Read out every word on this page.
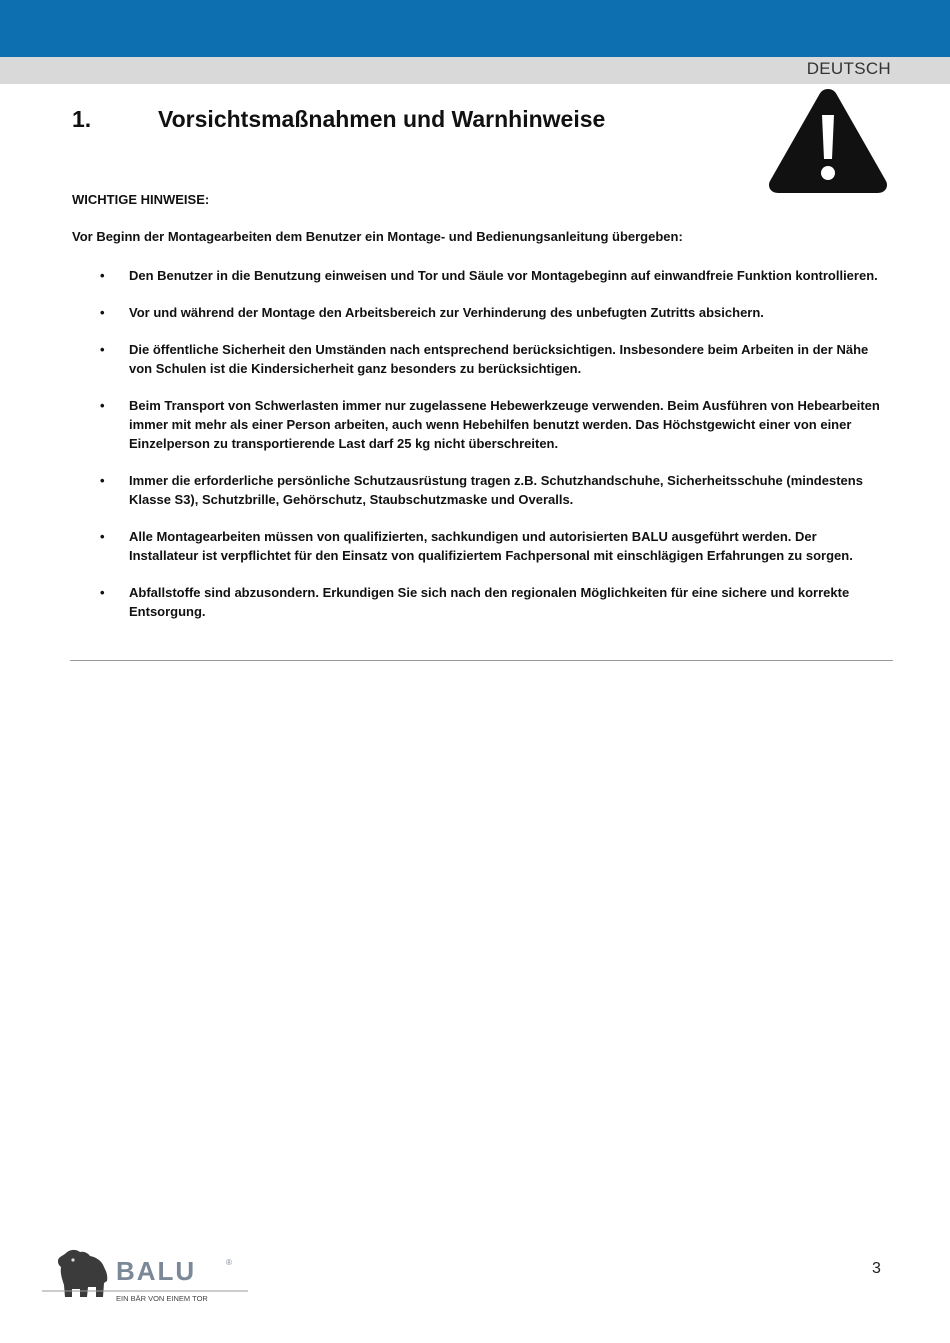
DEUTSCH
1.	Vorsichtsmaßnahmen und Warnhinweise
WICHTIGE HINWEISE:
Vor Beginn der Montagearbeiten dem Benutzer ein Montage- und Bedienungsanleitung übergeben:
• Den Benutzer in die Benutzung einweisen und Tor und Säule vor Montagebeginn auf einwandfreie Funktion kontrollieren.
• Vor und während der Montage den Arbeitsbereich zur Verhinderung des unbefugten Zutritts absichern.
• Die öffentliche Sicherheit den Umständen nach entsprechend berücksichtigen. Insbesondere beim Arbeiten in der Nähe von Schulen ist die Kindersicherheit ganz besonders zu berücksichtigen.
• Beim Transport von Schwerlasten immer nur zugelassene Hebewerkzeuge verwenden. Beim Ausführen von Hebearbeiten immer mit mehr als einer Person arbeiten, auch wenn Hebehilfen benutzt werden. Das Höchstgewicht einer von einer Einzelperson zu transportierende Last darf 25 kg nicht überschreiten.
• Immer die erforderliche persönliche Schutzausrüstung tragen z.B. Schutzhandschuhe, Sicherheitsschuhe (mindestens Klasse S3), Schutzbrille, Gehörschutz, Staubschutzmaske und Overalls.
• Alle Montagearbeiten müssen von qualifizierten, sachkundigen und autorisierten BALU ausgeführt werden. Der Installateur ist verpflichtet für den Einsatz von qualifiziertem Fachpersonal mit einschlägigen Erfahrungen zu sorgen.
• Abfallstoffe sind abzusondern. Erkundigen Sie sich nach den regionalen Möglichkeiten für eine sichere und korrekte Entsorgung.
BALU	®
EIN BÄR VON EINEM TOR
3
